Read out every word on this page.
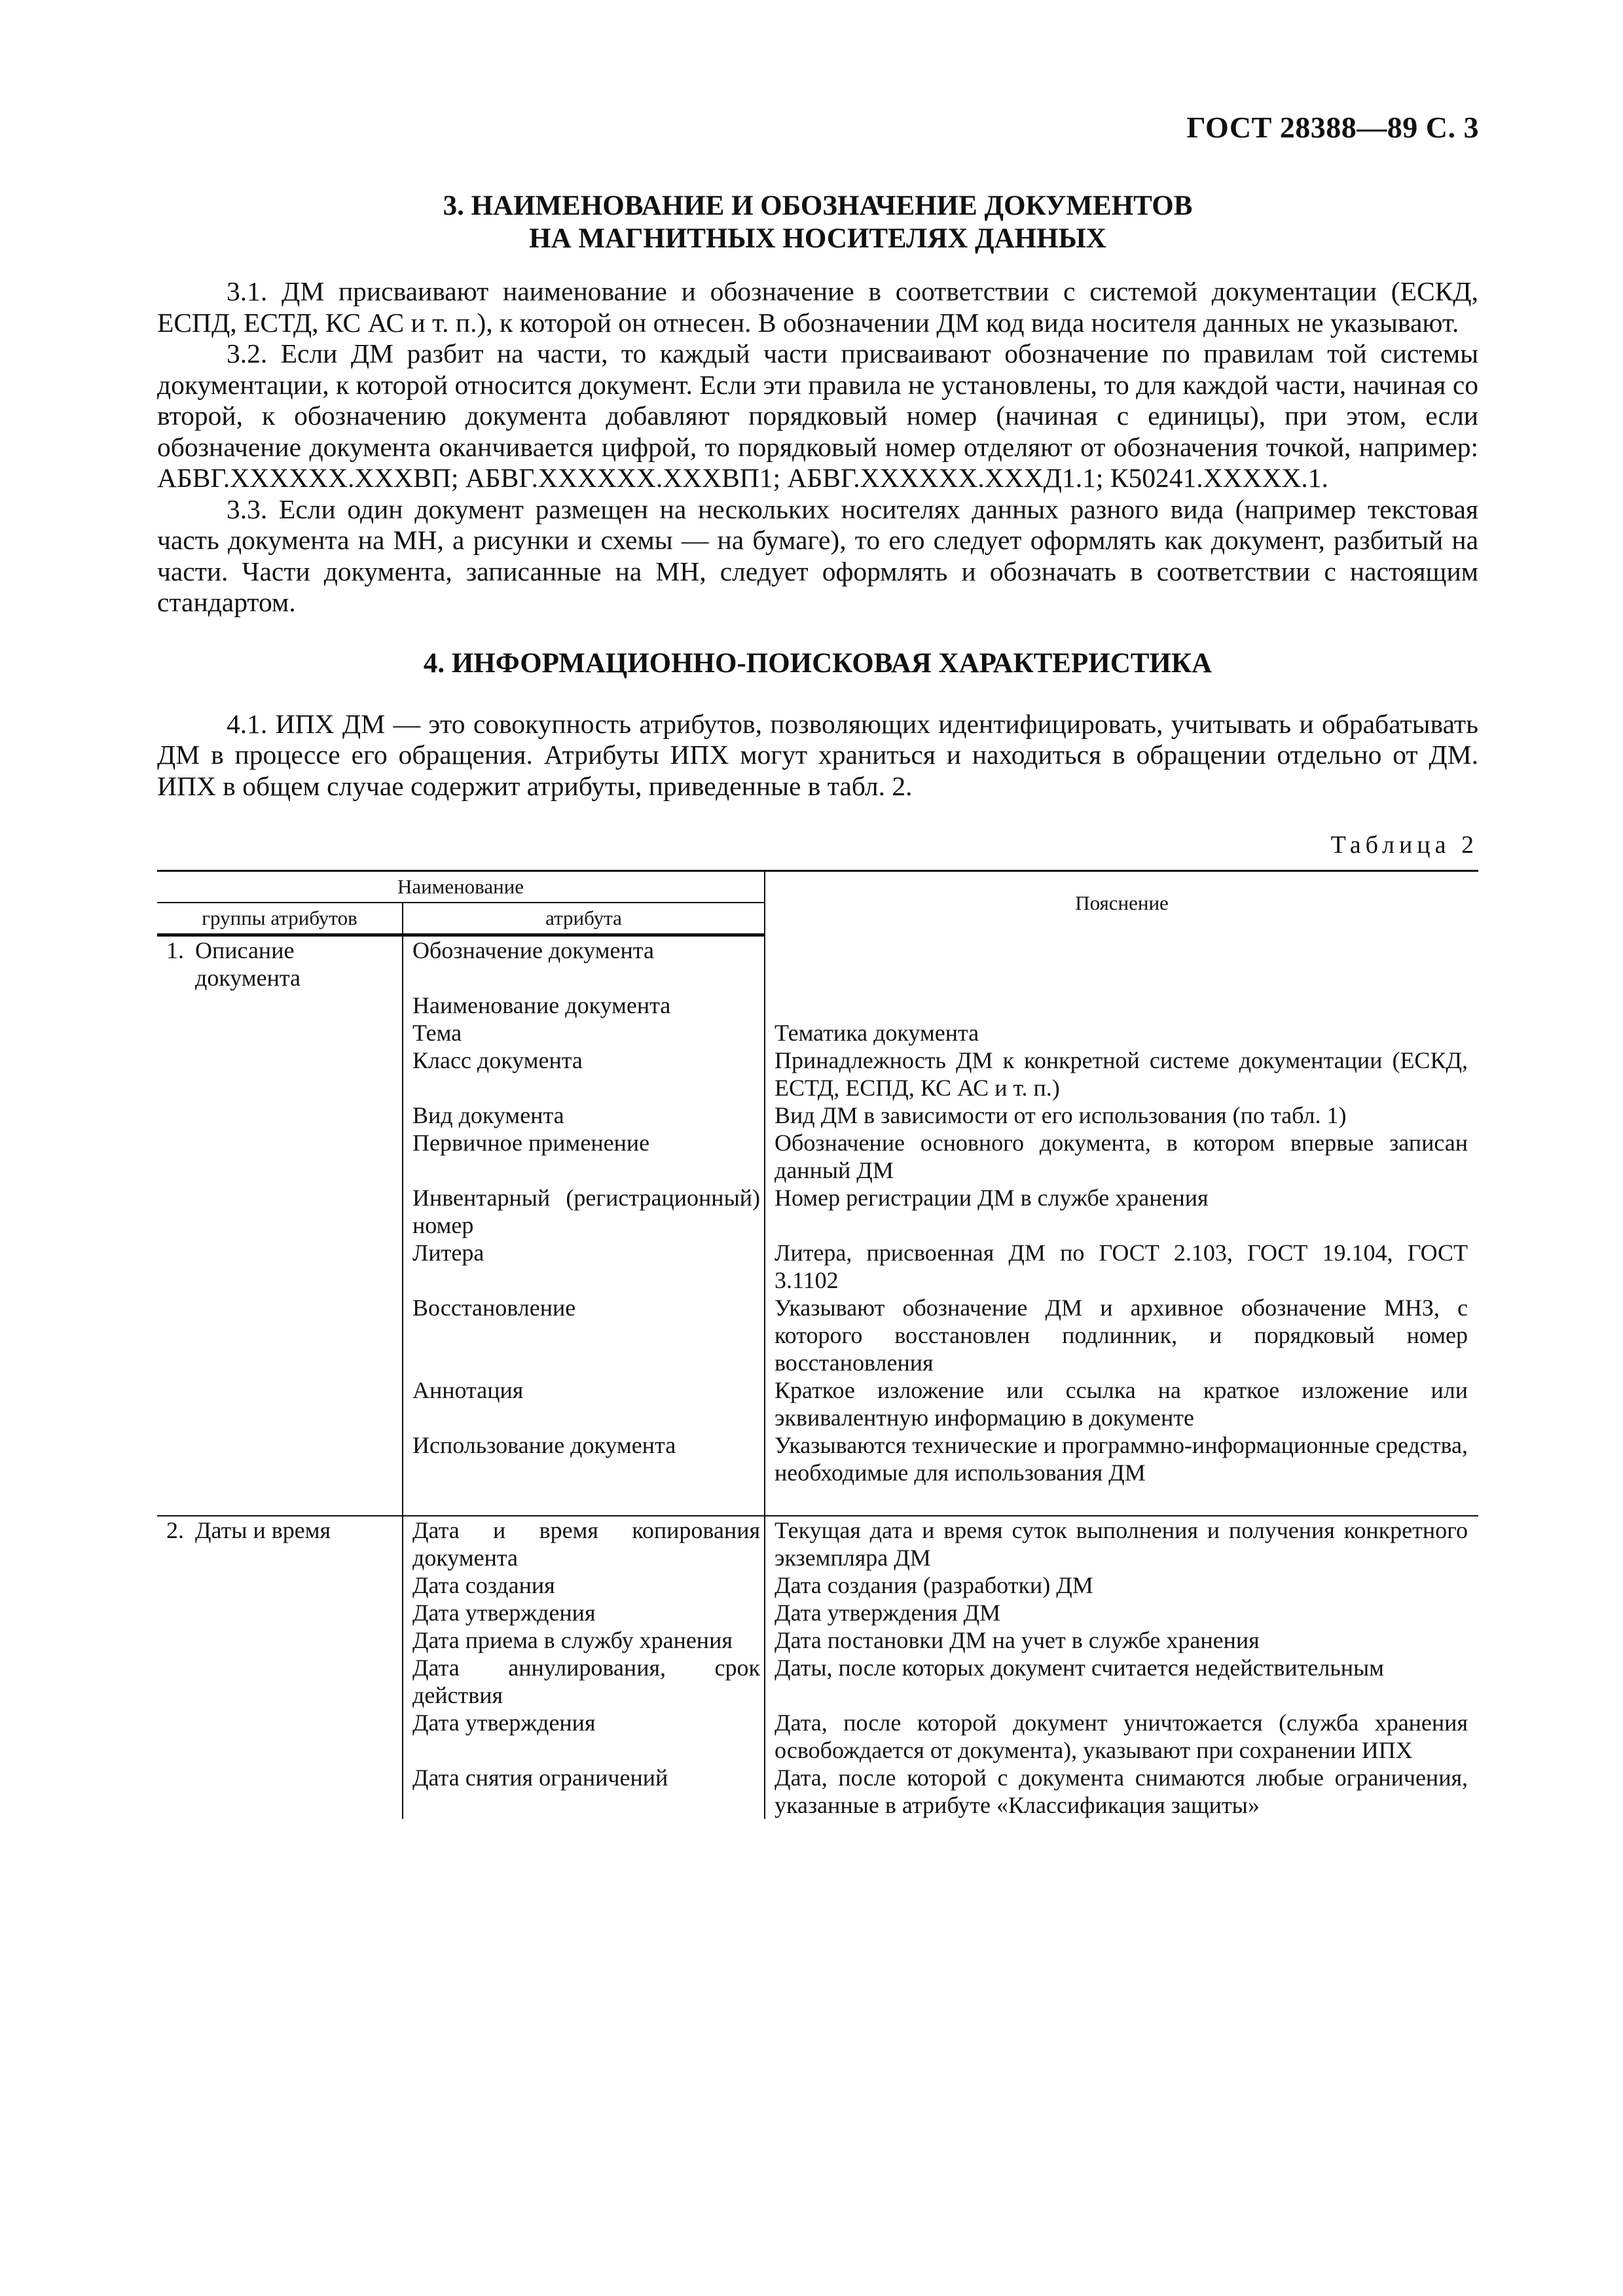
ГОСТ 28388—89 С. 3

3. НАИМЕНОВАНИЕ И ОБОЗНАЧЕНИЕ ДОКУМЕНТОВ

НА МАГНИТНЫХ НОСИТЕЛЯХ ДАННЫХ

3.1. ДМ присваивают наименование и обозначение в соответствии с системой документации (ЕСКД, ЕСПД, ЕСТД, КС АС и т. п.), к которой он отнесен. В обозначении ДМ код вида носителя данных не указывают.

3.2. Если ДМ разбит на части, то каждый части присваивают обозначение по правилам той системы документации, к которой относится документ. Если эти правила не установлены, то для каждой части, начиная со второй, к обозначению документа добавляют порядковый номер (начиная с единицы), при этом, если обозначение документа оканчивается цифрой, то порядковый номер отделяют от обозначения точкой, например: АБВГ.XXXXXX.XXXВП; АБВГ.XXXXXX.XXXВП1; АБВГ.XXXXXX.XXXД1.1; К50241.XXXXX.1.

3.3. Если один документ размещен на нескольких носителях данных разного вида (например текстовая часть документа на МН, а рисунки и схемы — на бумаге), то его следует оформлять как документ, разбитый на части. Части документа, записанные на МН, следует оформлять и обозначать в соответствии с настоящим стандартом.

4. ИНФОРМАЦИОННО-ПОИСКОВАЯ ХАРАКТЕРИСТИКА

4.1. ИПХ ДМ — это совокупность атрибутов, позволяющих идентифицировать, учитывать и обрабатывать ДМ в процессе его обращения. Атрибуты ИПХ могут храниться и находиться в обращении отдельно от ДМ. ИПХ в общем случае содержит атрибуты, приведенные в табл. 2.

Таблица 2
Наименование		Пояснение
группы атрибутов	атрибута	

1. Описание документа	Обозначение документа	
	Наименование документа	
	Тема	Тематика документа
	Класс документа	Принадлежность ДМ к конкретной системе документации (ЕСКД, ЕСТД, ЕСПД, КС АС и т. п.)
	Вид документа	Вид ДМ в зависимости от его использования (по табл. 1)
	Первичное применение	Обозначение основного документа, в котором впервые записан данный ДМ
	Инвентарный (регистрационный) номер	Номер регистрации ДМ в службе хранения
	Литера	Литера, присвоенная ДМ по ГОСТ 2.103, ГОСТ 19.104, ГОСТ 3.1102
	Восстановление	Указывают обозначение ДМ и архивное обозначение МНЗ, с которого восстановлен подлинник, и порядковый номер восстановления
	Аннотация	Краткое изложение или ссылка на краткое изложение или эквивалентную информацию в документе
	Использование документа	Указываются технические и программно-информационные средства, необходимые для использования ДМ

2. Даты и время	Дата и время копирования документа	Текущая дата и время суток выполнения и получения конкретного экземпляра ДМ
	Дата создания	Дата создания (разработки) ДМ
	Дата утверждения	Дата утверждения ДМ
	Дата приема в службу хранения	Дата постановки ДМ на учет в службе хранения
	Дата аннулирования, срок действия	Даты, после которых документ считается недействительным
	Дата утверждения	Дата, после которой документ уничтожается (служба хранения освобождается от документа), указывают при сохранении ИПХ
	Дата снятия ограничений	Дата, после которой с документа снимаются любые ограничения, указанные в атрибуте «Классификация защиты»
